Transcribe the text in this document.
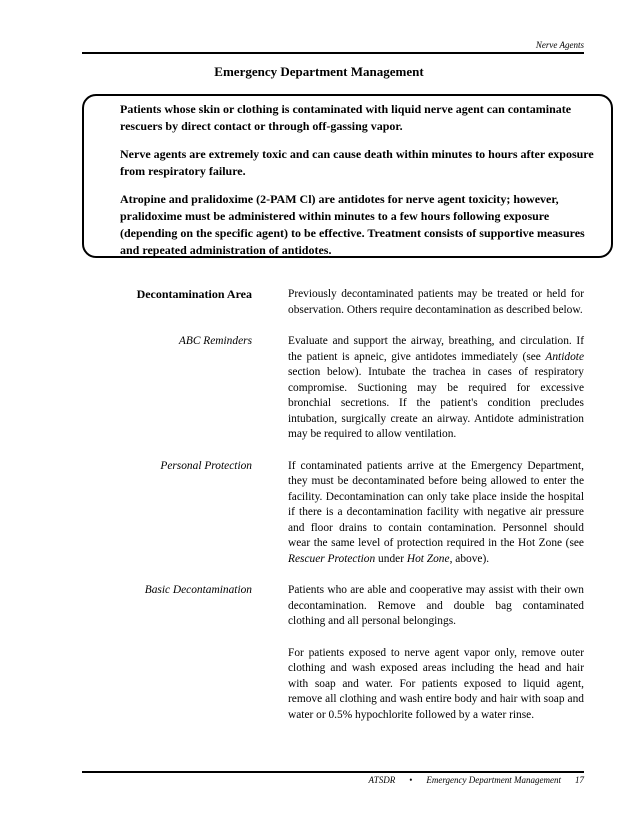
Nerve Agents
Emergency Department Management

Patients whose skin or clothing is contaminated with liquid nerve agent can contaminate rescuers by direct contact or through off-gassing vapor.

Nerve agents are extremely toxic and can cause death within minutes to hours after exposure from respiratory failure.

Atropine and pralidoxime (2-PAM Cl) are antidotes for nerve agent toxicity; however, pralidoxime must be administered within minutes to a few hours following exposure (depending on the specific agent) to be effective. Treatment consists of supportive measures and repeated administration of antidotes.

Decontamination Area	Previously decontaminated patients may be treated or held for observation. Others require decontamination as described below.

ABC Reminders	Evaluate and support the airway, breathing, and circulation. If the patient is apneic, give antidotes immediately (see Antidote section below). Intubate the trachea in cases of respiratory compromise. Suctioning may be required for excessive bronchial secretions. If the patient's condition precludes intubation, surgically create an airway. Antidote administration may be required to allow ventilation.

Personal Protection	If contaminated patients arrive at the Emergency Department, they must be decontaminated before being allowed to enter the facility. Decontamination can only take place inside the hospital if there is a decontamination facility with negative air pressure and floor drains to contain contamination. Personnel should wear the same level of protection required in the Hot Zone (see Rescuer Protection under Hot Zone, above).

Basic Decontamination	Patients who are able and cooperative may assist with their own decontamination. Remove and double bag contaminated clothing and all personal belongings.

For patients exposed to nerve agent vapor only, remove outer clothing and wash exposed areas including the head and hair with soap and water. For patients exposed to liquid agent, remove all clothing and wash entire body and hair with soap and water or 0.5% hypochlorite followed by a water rinse.

ATSDR • Emergency Department Management 17
